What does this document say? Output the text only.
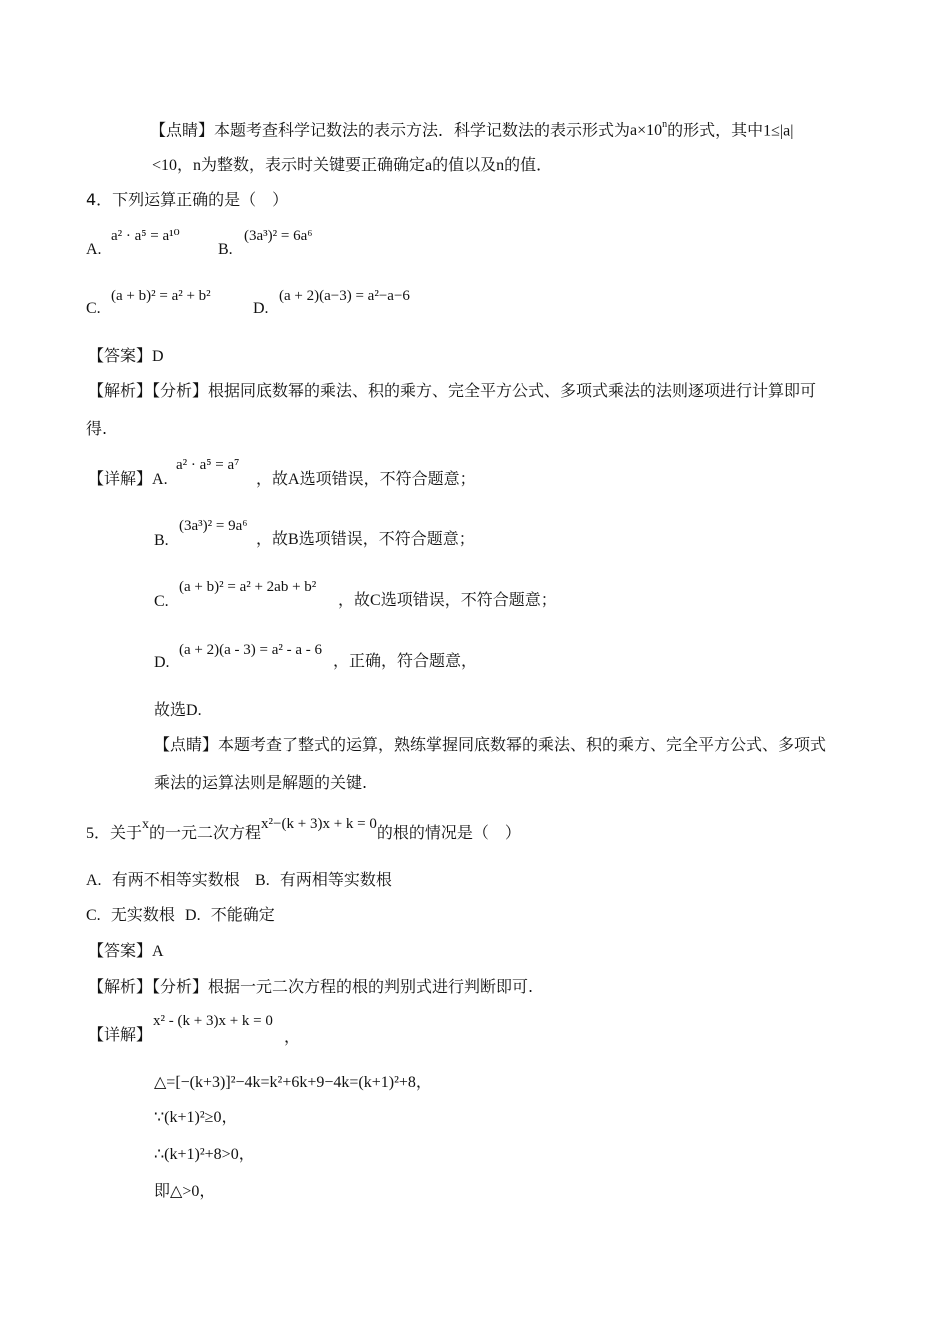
【点睛】本题考查科学记数法的表示方法．科学记数法的表示形式为$a\times 10^n$的形式，其中1≤|a|
<10，n为整数，表示时关键要正确确定a的值以及n的值．
4．下列运算正确的是（　）
A.
a² · a⁵ = a¹⁰
B.
(3a³)² = 6a⁶
C.
(a + b)² = a² + b²
D.
(a + 2)(a−3) = a²−a−6
【答案】D
【解析】【分析】根据同底数幂的乘法、积的乘方、完全平方公式、多项式乘法的法则逐项进行计算即可
得.
【详解】A.
a² · a⁵ = a⁷
，故A选项错误，不符合题意；
B.
(3a³)² = 9a⁶
，故B选项错误，不符合题意；
C.
(a + b)² = a² + 2ab + b²
，故C选项错误，不符合题意；
D.
(a + 2)(a - 3) = a² - a - 6
，正确，符合题意，
故选D.
【点睛】本题考查了整式的运算，熟练掌握同底数幂的乘法、积的乘方、完全平方公式、多项式
乘法的运算法则是解题的关键.
5．关于x的一元二次方程x²−(k + 3)x + k = 0的根的情况是（　）
A. 有两不相等实数根 B. 有两相等实数根
C. 无实数根 D. 不能确定
【答案】A
【解析】【分析】根据一元二次方程的根的判别式进行判断即可.
【详解】
x² - (k + 3)x + k = 0
，
△=[−(k+3)]²−4k=k²+6k+9−4k=(k+1)²+8，
∵(k+1)²≥0，
∴(k+1)²+8>0，
即△>0，
